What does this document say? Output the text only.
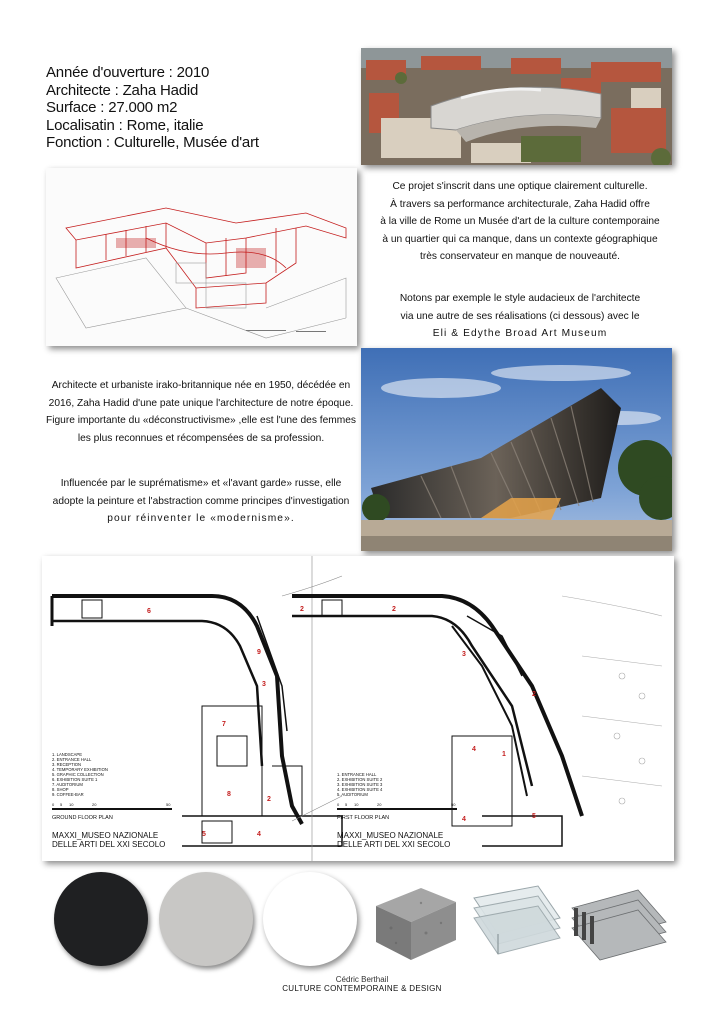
Année d'ouverture : 2010
Architecte : Zaha Hadid
Surface : 27.000 m2
Localisatin : Rome, italie
Fonction : Culturelle, Musée d'art
Ce projet s'inscrit dans une optique clairement culturelle.
À travers sa performance architecturale, Zaha Hadid offre
à la ville de Rome un Musée d'art de la culture contemporaine
à un quartier qui ca manque, dans un contexte géographique
très conservateur en manque de nouveauté.
Notons par exemple le style audacieux de l'architecte
via une autre de ses réalisations (ci dessous) avec le
Eli & Edythe Broad Art Museum
Architecte et urbaniste irako-britannique née en 1950, décédée en
2016, Zaha Hadid d'une pate unique l'architecture de notre époque.
Figure importante du «déconstructivisme» ,elle est l'une des femmes
les plus reconnues et récompensées de sa profession.
Influencée par le suprématisme» et «l'avant garde» russe, elle
adopte la peinture et l'abstraction comme principes d'investigation
pour réinventer le «modernisme».
6
3
7
9
8
2
5	4
1. LANDSCAPE
2. ENTRANCE HALL
3. RECEPTION
4. TEMPORARY EXHIBITION
5. GRAPHIC COLLECTION
6. EXHIBITION SUITE 1
7. AUDITORIUM
8. SHOP
9. COFFEE-BAR
0 5 10	20	50
GROUND FLOOR PLAN
MAXXI_MUSEO NAZIONALE
DELLE ARTI DEL XXI SECOLO
2	2
3
2
4
1
4	5
1. ENTRANCE HALL
2. EXHIBITION SUITE 2
3. EXHIBITION SUITE 3
4. EXHIBITION SUITE 4
5. AUDITORIUM
0 5 10	20	50
FIRST FLOOR PLAN
MAXXI_MUSEO NAZIONALE
DELLE ARTI DEL XXI SECOLO
Cédric Berthail
CULTURE CONTEMPORAINE & DESIGN
